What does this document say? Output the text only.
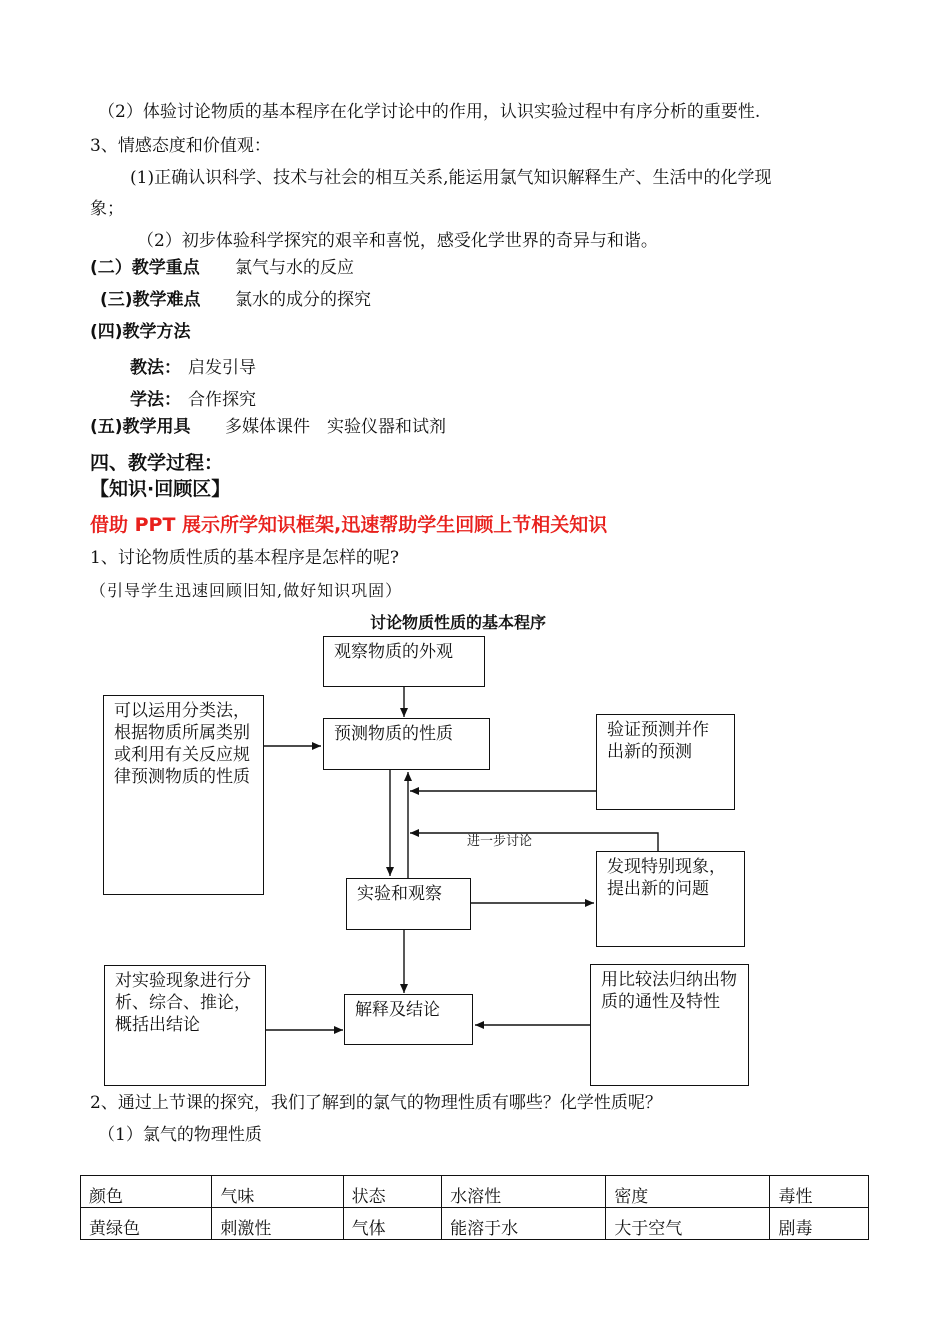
（2）体验讨论物质的基本程序在化学讨论中的作用，认识实验过程中有序分析的重要性.
3、情感态度和价值观：
(1)正确认识科学、技术与社会的相互关系,能运用氯气知识解释生产、生活中的化学现
象；
（2）初步体验科学探究的艰辛和喜悦，感受化学世界的奇异与和谐。
(二）教学重点 氯气与水的反应
(三)教学难点 氯水的成分的探究
(四)教学方法
教法： 启发引导
学法： 合作探究
(五)教学用具 多媒体课件　实验仪器和试剂
四、教学过程：
【知识·回顾区】
借助 PPT 展示所学知识框架,迅速帮助学生回顾上节相关知识
1、讨论物质性质的基本程序是怎样的呢?
（引导学生迅速回顾旧知,做好知识巩固）
讨论物质性质的基本程序
观察物质的外观
预测物质的性质
可以运用分类法，根据物质所属类别或利用有关反应规律预测物质的性质
验证预测并作出新的预测
进一步讨论
实验和观察
发现特别现象，提出新的问题
对实验现象进行分析、综合、推论，概括出结论
解释及结论
用比较法归纳出物质的通性及特性
2、通过上节课的探究，我们了解到的氯气的物理性质有哪些？化学性质呢？
（1）氯气的物理性质
颜色	气味	状态	水溶性	密度	毒性
黄绿色	刺激性	气体	能溶于水	大于空气	剧毒
